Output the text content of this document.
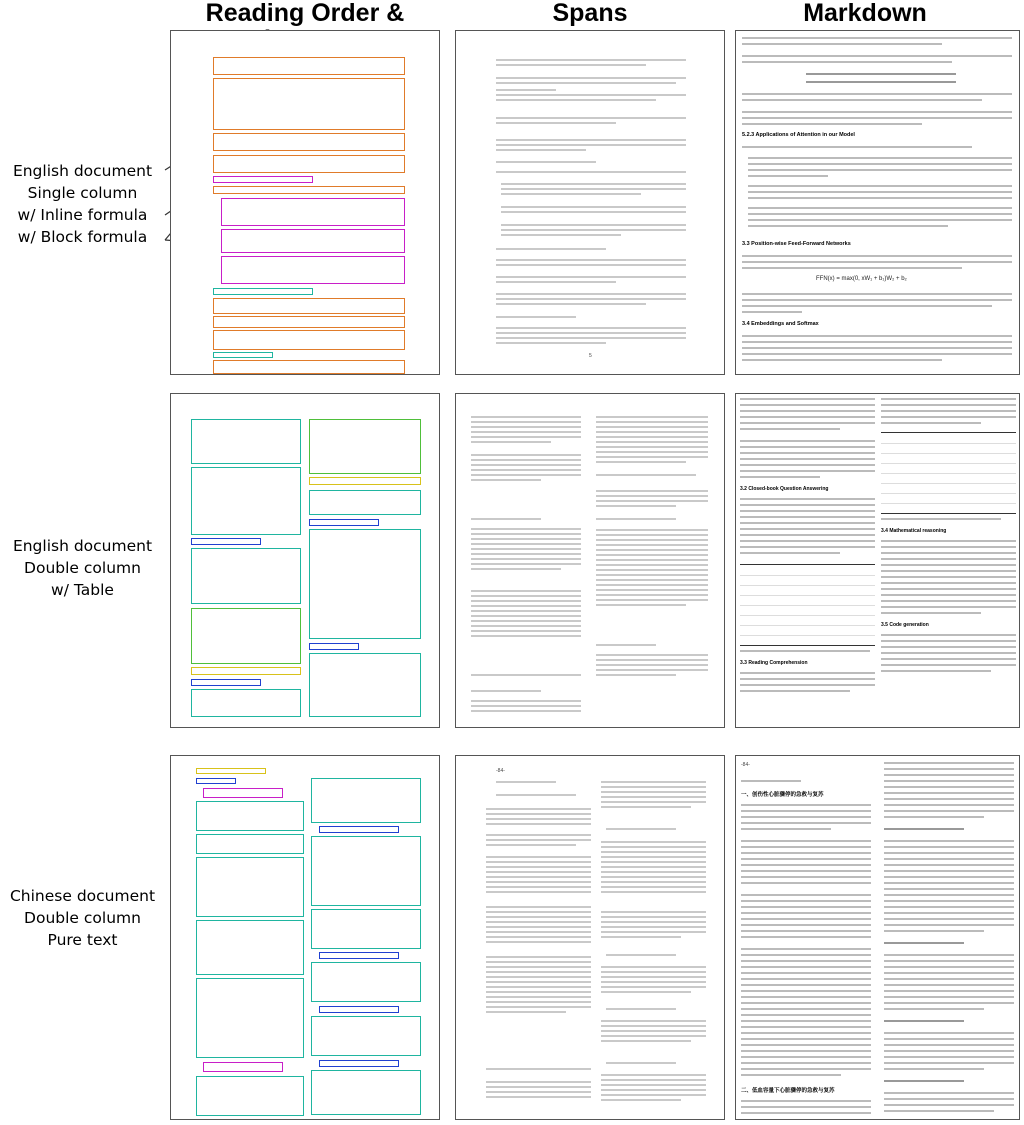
Reading Order &	Spans	Markdown
English document
Single column
w/ Inline formula
w/ Block formula
English document
Double column
w/ Table
Chinese document
Double column
Pure text
5
5.2.3 Applications of Attention in our Model
3.3 Position-wise Feed-Forward Networks
FFN(x) = max(0, xW₁ + b₁)W₂ + b₂
3.4 Embeddings and Softmax
3.2 Closed-book Question Answering
3.3 Reading Comprehension
3.4 Mathematical reasoning
3.5 Code generation
-84-
-84-
一、创伤性心脏骤停的急救与复苏
二、低血容量下心脏骤停的急救与复苏
